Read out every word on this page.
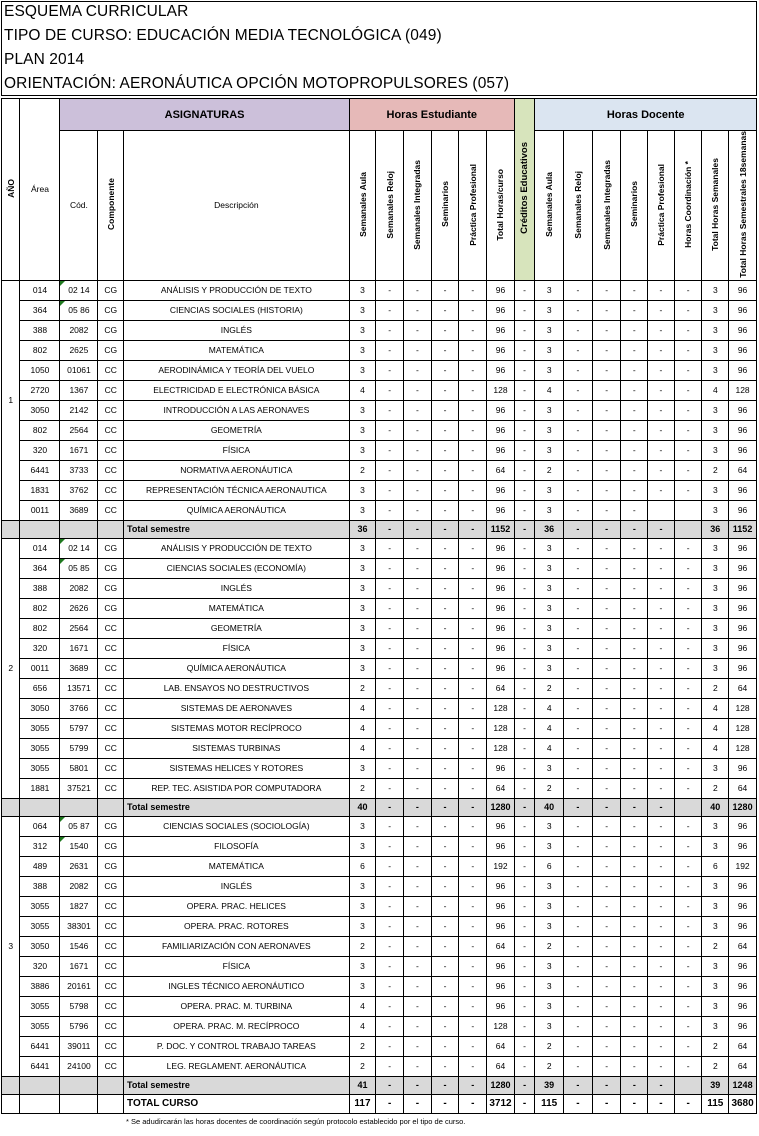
ESQUEMA CURRICULAR
TIPO DE CURSO: EDUCACIÓN MEDIA TECNOLÓGICA (049)
PLAN 2014
ORIENTACIÓN: AERONÁUTICA OPCIÓN MOTOPROPULSORES (057)
AÑO	Área	ASIGNATURAS			Horas Estudiante						Créditos Educativos	Horas Docente							
		Cód.	Componente	Descripción	Semanales Aula	Semanales Reloj	Semanales Integradas	Seminarios	Práctica Profesional	Total Horas/curso		Semanales Aula	Semanales Reloj	Semanales Integradas	Seminarios	Práctica Profesional	Horas Coordinación *	Total Horas Semanales	Total Horas Semestrales 18semanas
1	014	02 14	CG	ANÁLISIS Y PRODUCCIÓN DE TEXTO	3	-	-	-	-	96	-	3	-	-	-	-	-	3	96
	364	05 86	CG	CIENCIAS SOCIALES (HISTORIA)	3	-	-	-	-	96	-	3	-	-	-	-	-	3	96
	388	2082	CG	INGLÉS	3	-	-	-	-	96	-	3	-	-	-	-	-	3	96
	802	2625	CG	MATEMÁTICA	3	-	-	-	-	96	-	3	-	-	-	-	-	3	96
	1050	01061	CC	AERODINÁMICA Y TEORÍA DEL VUELO	3	-	-	-	-	96	-	3	-	-	-	-	-	3	96
	2720	1367	CC	ELECTRICIDAD E ELECTRÓNICA BÁSICA	4	-	-	-	-	128	-	4	-	-	-	-	-	4	128
	3050	2142	CC	INTRODUCCIÓN A LAS AERONAVES	3	-	-	-	-	96	-	3	-	-	-	-	-	3	96
	802	2564	CC	GEOMETRÍA	3	-	-	-	-	96	-	3	-	-	-	-	-	3	96
	320	1671	CC	FÍSICA	3	-	-	-	-	96	-	3	-	-	-	-	-	3	96
	6441	3733	CC	NORMATIVA AERONÁUTICA	2	-	-	-	-	64	-	2	-	-	-	-	-	2	64
	1831	3762	CC	REPRESENTACIÓN TÉCNICA AERONAUTICA	3	-	-	-	-	96	-	3	-	-	-	-	-	3	96
	0011	3689	CC	QUÍMICA AERONÁUTICA	3	-	-	-	-	96	-	3	-	-	-			3	96
				Total semestre	36	-	-	-	-	1152	-	36	-	-	-	-		36	1152
2	014	02 14	CG	ANÁLISIS Y PRODUCCIÓN DE TEXTO	3	-	-	-	-	96	-	3	-	-	-	-	-	3	96
	364	05 85	CG	CIENCIAS SOCIALES (ECONOMÍA)	3	-	-	-	-	96	-	3	-	-	-	-	-	3	96
	388	2082	CG	INGLÉS	3	-	-	-	-	96	-	3	-	-	-	-	-	3	96
	802	2626	CG	MATEMÁTICA	3	-	-	-	-	96	-	3	-	-	-	-	-	3	96
	802	2564	CC	GEOMETRÍA	3	-	-	-	-	96	-	3	-	-	-	-	-	3	96
	320	1671	CC	FÍSICA	3	-	-	-	-	96	-	3	-	-	-	-	-	3	96
	0011	3689	CC	QUÍMICA AERONÁUTICA	3	-	-	-	-	96	-	3	-	-	-	-	-	3	96
	656	13571	CC	LAB. ENSAYOS NO DESTRUCTIVOS	2	-	-	-	-	64	-	2	-	-	-	-	-	2	64
	3050	3766	CC	SISTEMAS DE AERONAVES	4	-	-	-	-	128	-	4	-	-	-	-	-	4	128
	3055	5797	CC	SISTEMAS MOTOR RECÍPROCO	4	-	-	-	-	128	-	4	-	-	-	-	-	4	128
	3055	5799	CC	SISTEMAS TURBINAS	4	-	-	-	-	128	-	4	-	-	-	-	-	4	128
	3055	5801	CC	SISTEMAS HELICES Y ROTORES	3	-	-	-	-	96	-	3	-	-	-	-	-	3	96
	1881	37521	CC	REP. TEC. ASISTIDA POR COMPUTADORA	2	-	-	-	-	64	-	2	-	-	-	-	-	2	64
				Total semestre	40	-	-	-	-	1280	-	40	-	-	-	-		40	1280
3	064	05 87	CG	CIENCIAS SOCIALES (SOCIOLOGÍA)	3	-	-	-	-	96	-	3	-	-	-	-	-	3	96
	312	1540	CG	FILOSOFÍA	3	-	-	-	-	96	-	3	-	-	-	-	-	3	96
	489	2631	CG	MATEMÁTICA	6	-	-	-	-	192	-	6	-	-	-	-	-	6	192
	388	2082	CG	INGLÉS	3	-	-	-	-	96	-	3	-	-	-	-	-	3	96
	3055	1827	CC	OPERA. PRAC. HELICES	3	-	-	-	-	96	-	3	-	-	-	-	-	3	96
	3055	38301	CC	OPERA. PRAC. ROTORES	3	-	-	-	-	96	-	3	-	-	-	-	-	3	96
	3050	1546	CC	FAMILIARIZACIÓN CON AERONAVES	2	-	-	-	-	64	-	2	-	-	-	-	-	2	64
	320	1671	CC	FÍSICA	3	-	-	-	-	96	-	3	-	-	-	-	-	3	96
	3886	20161	CC	INGLES TÉCNICO AERONÁUTICO	3	-	-	-	-	96	-	3	-	-	-	-	-	3	96
	3055	5798	CC	OPERA. PRAC. M. TURBINA	4	-	-	-	-	96	-	3	-	-	-	-	-	3	96
	3055	5796	CC	OPERA. PRAC. M. RECÍPROCO	4	-	-	-	-	128	-	3	-	-	-	-	-	3	96
	6441	39011	CC	P. DOC. Y CONTROL TRABAJO TAREAS	2	-	-	-	-	64	-	2	-	-	-	-	-	2	64
	6441	24100	CC	LEG. REGLAMENT. AERONÁUTICA	2	-	-	-	-	64	-	2	-	-	-	-	-	2	64
				Total semestre	41	-	-	-	-	1280	-	39	-	-	-	-		39	1248
				TOTAL CURSO	117	-	-	-	-	3712	-	115	-	-	-	-	-	115	3680
* Se adudircarán las horas docentes de coordinación según protocolo establecido por el tipo de curso.
